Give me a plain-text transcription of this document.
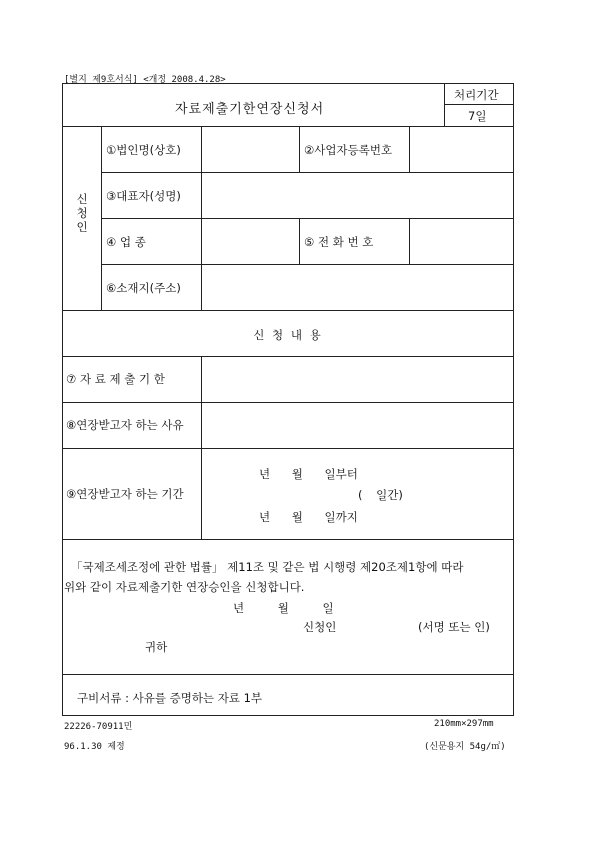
[별지 제9호서식] <개정 2008.4.28>
자료제출기한연장신청서
처리기간
7일
신청인
①법인명(상호)	②사업자등록번호
③대표자(성명)
④ 업 종	⑤ 전 화 번 호
⑥소재지(주소)
신 청 내 용
⑦ 자 료 제 출 기 한
⑧연장받고자 하는 사유
⑨연장받고자 하는 기간
년 월 일부터
( 일간)
년 월 일까지
「국제조세조정에 관한 법률」 제11조 및 같은 법 시행령 제20조제1항에 따라
위와 같이 자료제출기한 연장승인을 신청합니다.
년 월 일
신청인	(서명 또는 인)
귀하
구비서류 : 사유를 증명하는 자료 1부
22226-70911민
96.1.30 제정
210mm×297mm
(신문용지 54g/㎡)
